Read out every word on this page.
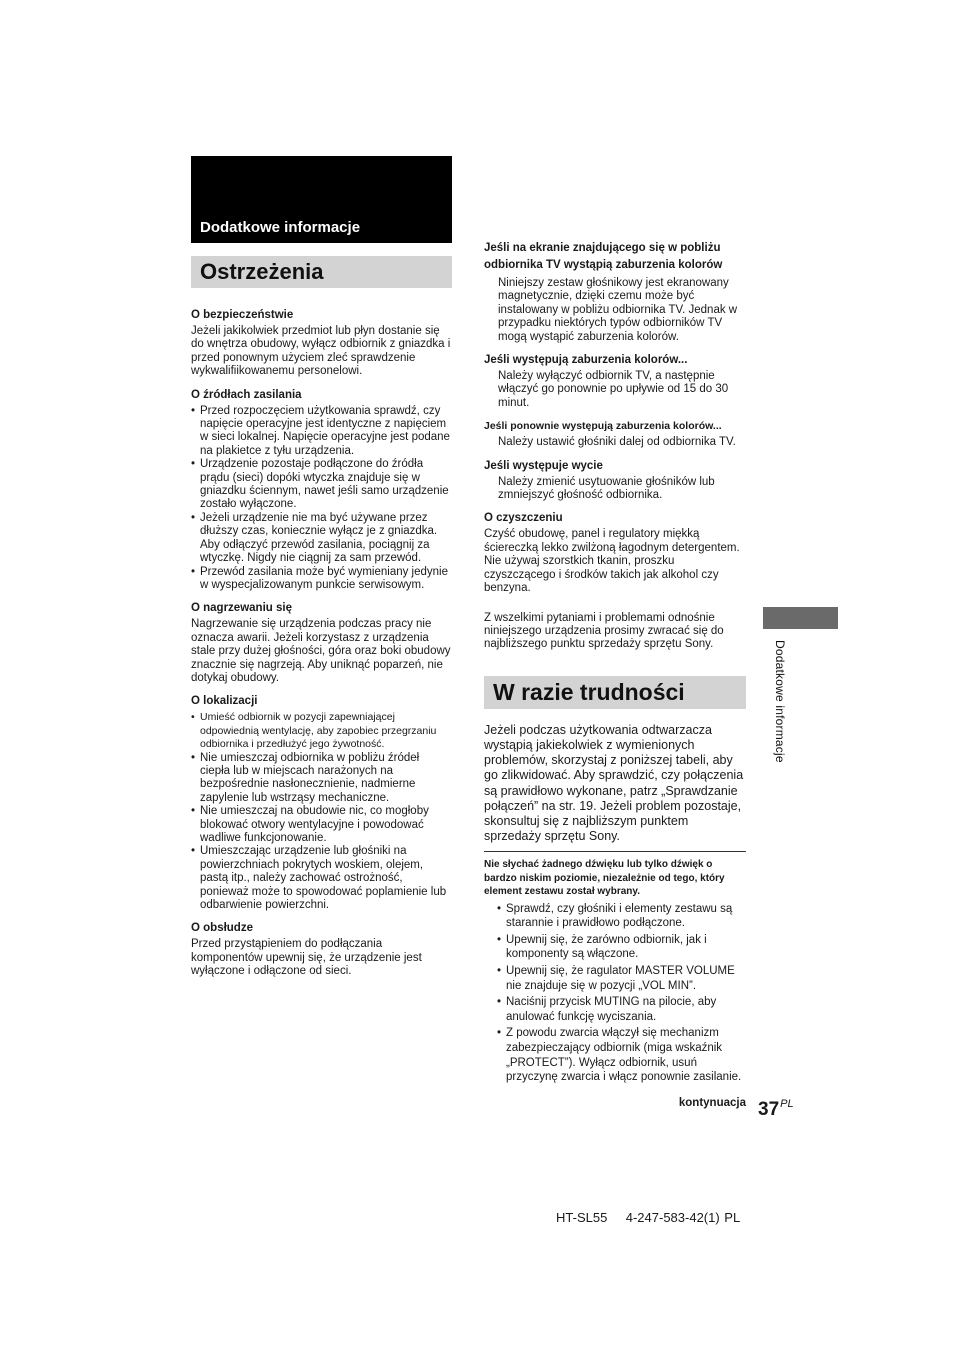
Dodatkowe informacje
Ostrzeżenia
O bezpieczeństwie

Jeżeli jakikolwiek przedmiot lub płyn dostanie się do wnętrza obudowy, wyłącz odbiornik z gniazdka i przed ponownym użyciem zleć sprawdzenie wykwalifiikowanemu personelowi.

O źródłach zasilania
• Przed rozpoczęciem użytkowania sprawdź, czy napięcie operacyjne jest identyczne z napięciem w sieci lokalnej. Napięcie operacyjne jest podane na plakietce z tyłu urządzenia.
• Urządzenie pozostaje podłączone do źródła prądu (sieci) dopóki wtyczka znajduje się w gniazdku ściennym, nawet jeśli samo urządzenie zostało wyłączone.
• Jeżeli urządzenie nie ma być używane przez dłuższy czas, koniecznie wyłącz je z gniazdka. Aby odłączyć przewód zasilania, pociągnij za wtyczkę. Nigdy nie ciągnij za sam przewód.
• Przewód zasilania może być wymieniany jedynie w wyspecjalizowanym punkcie serwisowym.
O nagrzewaniu się

Nagrzewanie się urządzenia podczas pracy nie oznacza awarii. Jeżeli korzystasz z urządzenia stale przy dużej głośności, góra oraz boki obudowy znacznie się nagrzeją. Aby uniknąć poparzeń, nie dotykaj obudowy.

O lokalizacji
• Umieść odbiornik w pozycji zapewniającej odpowiednią wentylację, aby zapobiec przegrzaniu odbiornika i przedłużyć jego żywotność.
• Nie umieszczaj odbiornika w pobliżu źródeł ciepła lub w miejscach narażonych na bezpośrednie nasłonecznienie, nadmierne zapylenie lub wstrząsy mechaniczne.
• Nie umieszczaj na obudowie nic, co mogłoby blokować otwory wentylacyjne i powodować wadliwe funkcjonowanie.
• Umieszczając urządzenie lub głośniki na powierzchniach pokrytych woskiem, olejem, pastą itp., należy zachować ostrożność, ponieważ może to spowodować poplamienie lub odbarwienie powierzchni.
O obsłudze

Przed przystąpieniem do podłączania komponentów upewnij się, że urządzenie jest wyłączone i odłączone od sieci.

Jeśli na ekranie znajdującego się w pobliżu odbiornika TV wystąpią zaburzenia kolorów

Niniejszy zestaw głośnikowy jest ekranowany magnetycznie, dzięki czemu może być instalowany w pobliżu odbiornika TV. Jednak w przypadku niektórych typów odbiorników TV mogą wystąpić zaburzenia kolorów.

Jeśli występują zaburzenia kolorów...

Należy wyłączyć odbiornik TV, a następnie włączyć go ponownie po upływie od 15 do 30 minut.

Jeśli ponownie występują zaburzenia kolorów...

Należy ustawić głośniki dalej od odbiornika TV.

Jeśli występuje wycie

Należy zmienić usytuowanie głośników lub zmniejszyć głośność odbiornika.

O czyszczeniu

Czyść obudowę, panel i regulatory miękką ściereczką lekko zwilżoną łagodnym detergentem. Nie używaj szorstkich tkanin, proszku czyszczącego i środków takich jak alkohol czy benzyna.

Z wszelkimi pytaniami i problemami odnośnie niniejszego urządzenia prosimy zwracać się do najbliższego punktu sprzedaży sprzętu Sony.

W razie trudności

Jeżeli podczas użytkowania odtwarzacza wystąpią jakiekolwiek z wymienionych problemów, skorzystaj z poniższej tabeli, aby go zlikwidować. Aby sprawdzić, czy połączenia są prawidłowo wykonane, patrz „Sprawdzanie połączeń” na str. 19. Jeżeli problem pozostaje, skonsultuj się z najbliższym punktem sprzedaży sprzętu Sony.

Nie słychać żadnego dźwięku lub tylko dźwięk o bardzo niskim poziomie, niezależnie od tego, który element zestawu został wybrany.
• Sprawdź, czy głośniki i elementy zestawu są starannie i prawidłowo podłączone.
• Upewnij się, że zarówno odbiornik, jak i komponenty są włączone.
• Upewnij się, że ragulator MASTER VOLUME nie znajduje się w pozycji „VOL MIN”.
• Naciśnij przycisk MUTING na pilocie, aby anulować funkcję wyciszania.
• Z powodu zwarcia włączył się mechanizm zabezpieczający odbiornik (miga wskaźnik „PROTECT”). Wyłącz odbiornik, usuń przyczynę zwarcia i włącz ponownie zasilanie.
kontynuacja
Dodatkowe informacje
$37^{PL}$
HT-SL55    4-247-583-42(1) PL
